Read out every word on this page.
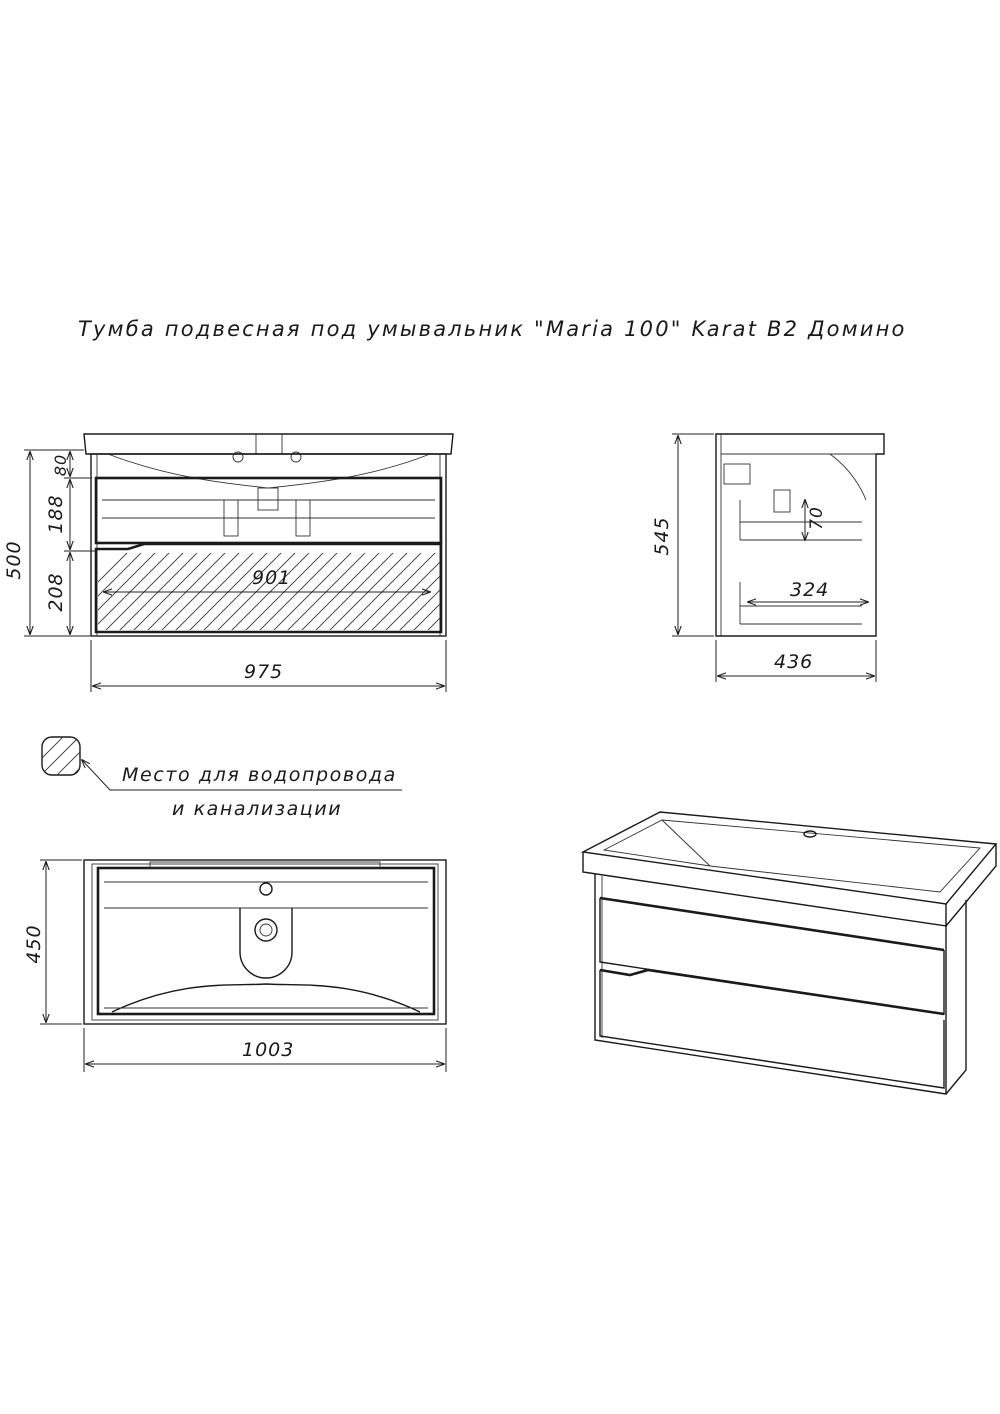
Тумба подвесная под умывальник "Maria 100" Karat B2 Домино
901
500
80
188
208
975
70
324
545
436
Место для водопровода
и канализации
450
1003
